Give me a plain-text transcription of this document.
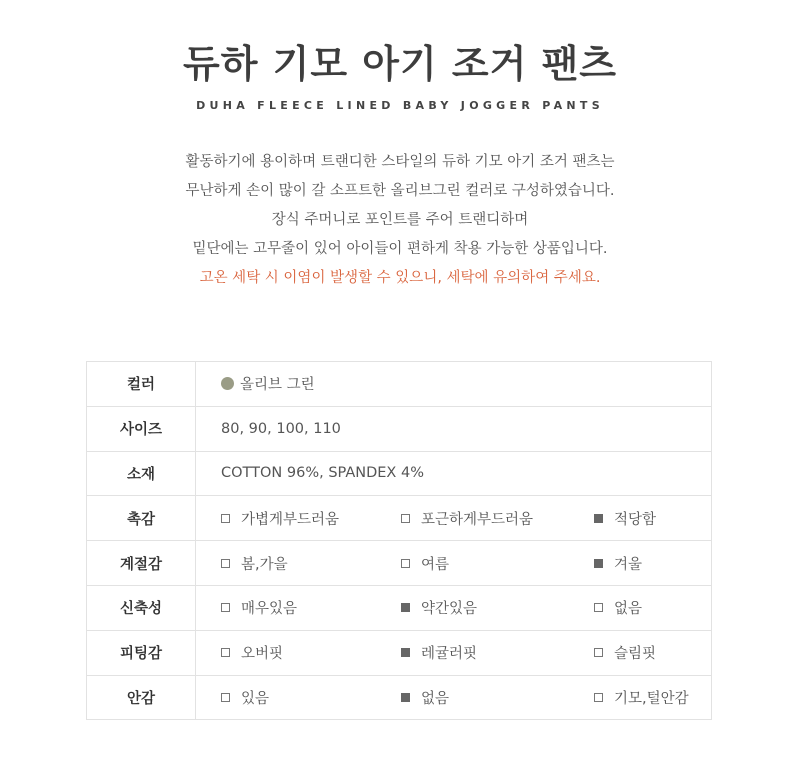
듀하 기모 아기 조거 팬츠
DUHA FLEECE LINED BABY JOGGER PANTS
활동하기에 용이하며 트랜디한 스타일의 듀하 기모 아기 조거 팬츠는
무난하게 손이 많이 갈 소프트한 올리브그린 컬러로 구성하였습니다.
장식 주머니로 포인트를 주어 트랜디하며
밑단에는 고무줄이 있어 아이들이 편하게 착용 가능한 상품입니다.
고온 세탁 시 이염이 발생할 수 있으니, 세탁에 유의하여 주세요.
컬러	올리브 그린
사이즈	80, 90, 100, 110
소재	COTTON 96%, SPANDEX 4%
촉감	가볍게부드러움 포근하게부드러움 적당함

계절감	봄,가을 여름 겨울

신축성	매우있음 약간있음 없음

피팅감	오버핏 레귤러핏 슬림핏

안감	있음 없음 기모,털안감
